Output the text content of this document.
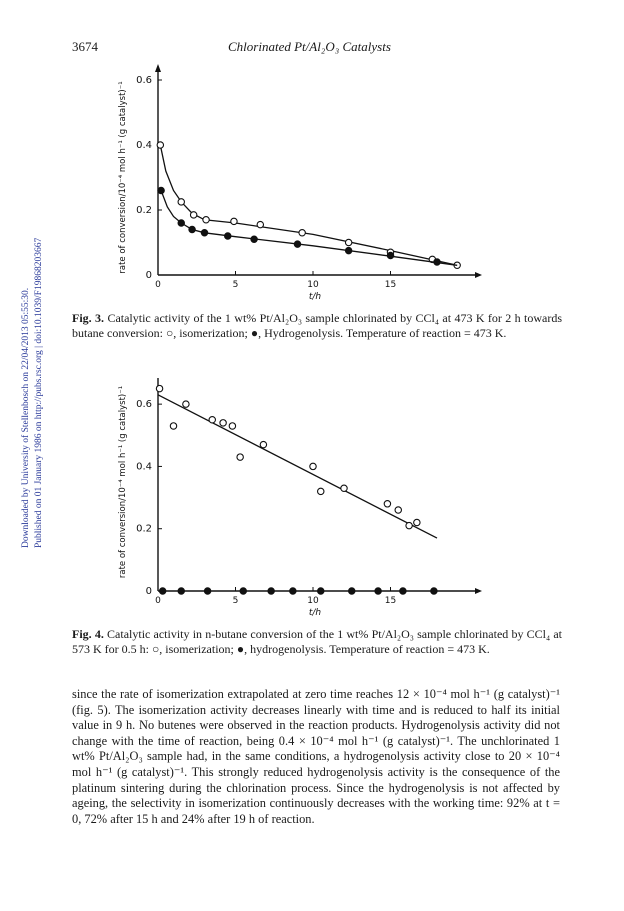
3674	Chlorinated Pt/Al₂O₃ Catalysts
Downloaded by University of Stellenbosch on 22/04/2013 05:55:30. Published on 01 January 1986 on http://pubs.rsc.org | doi:10.1039/F19868203667	0	5	10	15
0
0.2
0.4
0.6
t/h
rate of conversion/10⁻⁴ mol h⁻¹ (g catalyst)⁻¹
Fig. 3. Catalytic activity of the 1 wt% Pt/Al₂O₃ sample chlorinated by CCl₄ at 473 K for 2 h towards butane conversion: ○, isomerization; ●, Hydrogenolysis. Temperature of reaction = 473 K.
0	5	10	15
0
0.2
0.4
0.6
t/h
rate of conversion/10⁻⁴ mol h⁻¹ (g catalyst)⁻¹
Fig. 4. Catalytic activity in n-butane conversion of the 1 wt% Pt/Al₂O₃ sample chlorinated by CCl₄ at 573 K for 0.5 h: ○, isomerization; ●, hydrogenolysis. Temperature of reaction = 473 K.

since the rate of isomerization extrapolated at zero time reaches 12 × 10⁻⁴ mol h⁻¹ (g catalyst)⁻¹ (fig. 5). The isomerization activity decreases linearly with time and is reduced to half its initial value in 9 h. No butenes were observed in the reaction products. Hydrogenolysis activity did not change with the time of reaction, being 0.4 × 10⁻⁴ mol h⁻¹ (g catalyst)⁻¹. The unchlorinated 1 wt% Pt/Al₂O₃ sample had, in the same conditions, a hydrogenolysis activity close to 20 × 10⁻⁴ mol h⁻¹ (g catalyst)⁻¹. This strongly reduced hydrogenolysis activity is the consequence of the platinum sintering during the chlorination process. Since the hydrogenolysis is not affected by ageing, the selectivity in isomerization continuously decreases with the working time: 92% at t = 0, 72% after 15 h and 24% after 19 h of reaction.
